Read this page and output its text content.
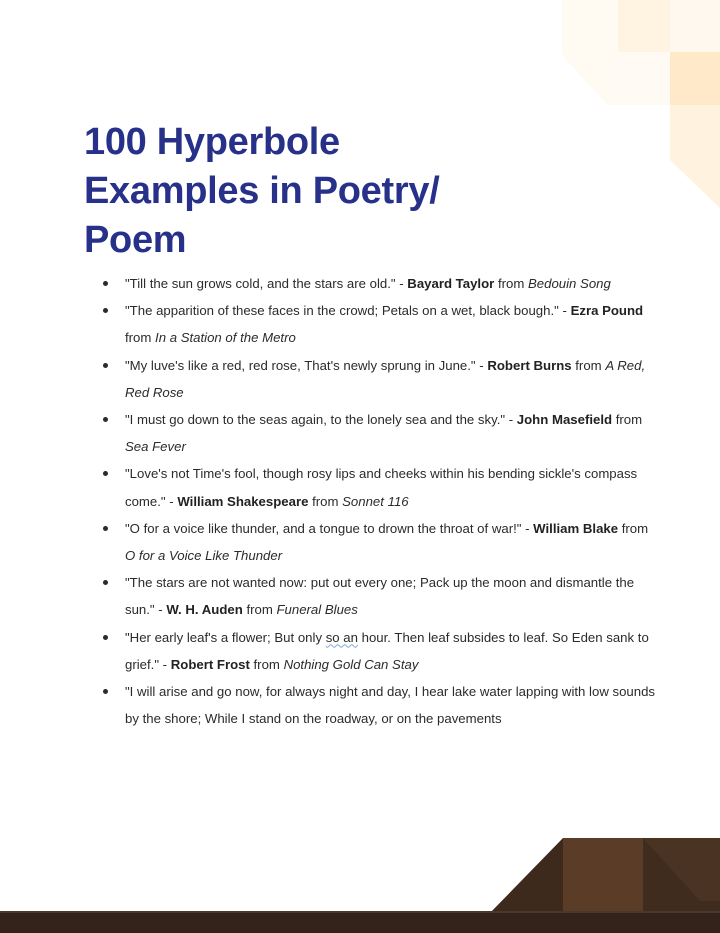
100 Hyperbole
Examples in Poetry/
Poem
"Till the sun grows cold, and the stars are old." - Bayard Taylor from Bedouin Song
"The apparition of these faces in the crowd; Petals on a wet, black bough." - Ezra Pound from In a Station of the Metro
"My luve's like a red, red rose, That's newly sprung in June." - Robert Burns from A Red, Red Rose
"I must go down to the seas again, to the lonely sea and the sky." - John Masefield from Sea Fever
"Love's not Time's fool, though rosy lips and cheeks within his bending sickle's compass come." - William Shakespeare from Sonnet 116
"O for a voice like thunder, and a tongue to drown the throat of war!" - William Blake from O for a Voice Like Thunder
"The stars are not wanted now: put out every one; Pack up the moon and dismantle the sun." - W. H. Auden from Funeral Blues
"Her early leaf's a flower; But only so an hour. Then leaf subsides to leaf. So Eden sank to grief." - Robert Frost from Nothing Gold Can Stay
"I will arise and go now, for always night and day, I hear lake water lapping with low sounds by the shore; While I stand on the roadway, or on the pavements
